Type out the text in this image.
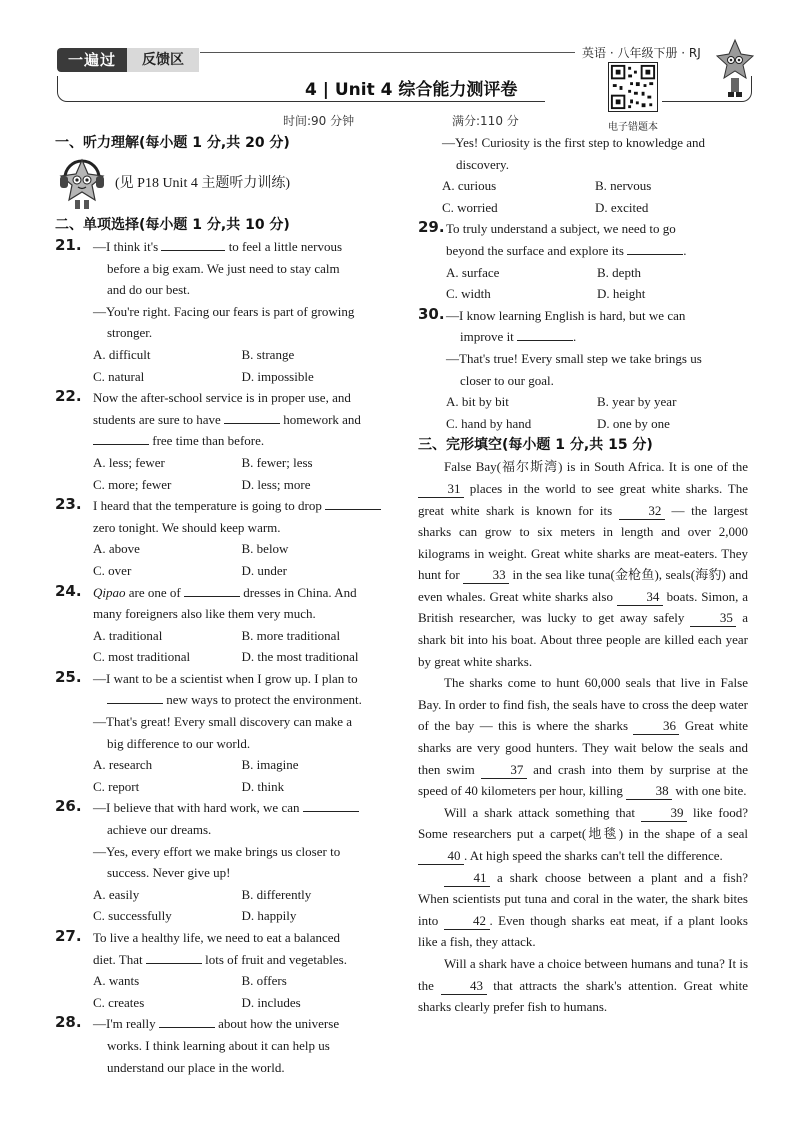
一遍过	反馈区	英语 · 八年级下册 · RJ
4 | Unit 4 综合能力测评卷
电子错题本
时间:90 分钟	满分:110 分
一、听力理解(每小题 1 分,共 20 分)
(见 P18 Unit 4 主题听力训练)
二、单项选择(每小题 1 分,共 10 分)
21. —I think it's	to feel a little nervous
before a big exam. We just need to stay calm
and do our best.
—You're right. Facing our fears is part of growing
stronger.
A. difficult	B. strange
C. natural	D. impossible
22. Now the after-school service is in proper use, and
students are sure to have	homework and
free time than before.
A. less; fewer	B. fewer; less
C. more; fewer	D. less; more
23. I heard that the temperature is going to drop
zero tonight. We should keep warm.
A. above	B. below
C. over	D. under
24. Qipao are one of	dresses in China. And
many foreigners also like them very much.
A. traditional	B. more traditional
C. most traditional	D. the most traditional
25. —I want to be a scientist when I grow up. I plan to
new ways to protect the environment.
—That's great! Every small discovery can make a
big difference to our world.
A. research	B. imagine
C. report	D. think
26. —I believe that with hard work, we can
achieve our dreams.
—Yes, every effort we make brings us closer to
success. Never give up!
A. easily	B. differently
C. successfully	D. happily
27. To live a healthy life, we need to eat a balanced
diet. That	lots of fruit and vegetables.
A. wants	B. offers
C. creates	D. includes
28. —I'm really	about how the universe
works. I think learning about it can help us
understand our place in the world.
—Yes! Curiosity is the first step to knowledge and
discovery.
A. curious	B. nervous
C. worried	D. excited
29. To truly understand a subject, we need to go
beyond the surface and explore its	.
A. surface	B. depth
C. width	D. height
30. —I know learning English is hard, but we can
improve it	.
—That's true! Every small step we take brings us
closer to our goal.
A. bit by bit	B. year by year
C. hand by hand	D. one by one
三、完形填空(每小题 1 分,共 15 分)
False Bay(福尔斯湾) is in South Africa. It is one of the 31 places in the world to see great white sharks. The great white shark is known for its	32 — the largest sharks can grow to six meters in length and over 2,000 kilograms in weight. Great white sharks are meat-eaters. They hunt for	33 in the sea like tuna(金枪鱼), seals(海豹) and even whales. Great white sharks also	34 boats. Simon, a British researcher, was lucky to get away safely	35 a shark bit into his boat. About three people are killed each year by great white sharks.
The sharks come to hunt 60,000 seals that live in False Bay. In order to find fish, the seals have to cross the deep water of the bay — this is where the sharks	36 Great white sharks are very good hunters. They wait below the seals and then swim	37 and crash into them by surprise at the speed of 40 kilometers per hour, killing	38 with one bite.
Will a shark attack something that	39 like food? Some researchers put a carpet(地毯) in the shape of a seal 40 . At high speed the sharks can't tell the difference.
41 a shark choose between a plant and a fish? When scientists put tuna and coral in the water, the shark bites into	42 . Even though sharks eat meat, if a plant looks like a fish, they attack.
Will a shark have a choice between humans and tuna? It is the	43 that attracts the shark's attention. Great white sharks clearly prefer fish to humans.
